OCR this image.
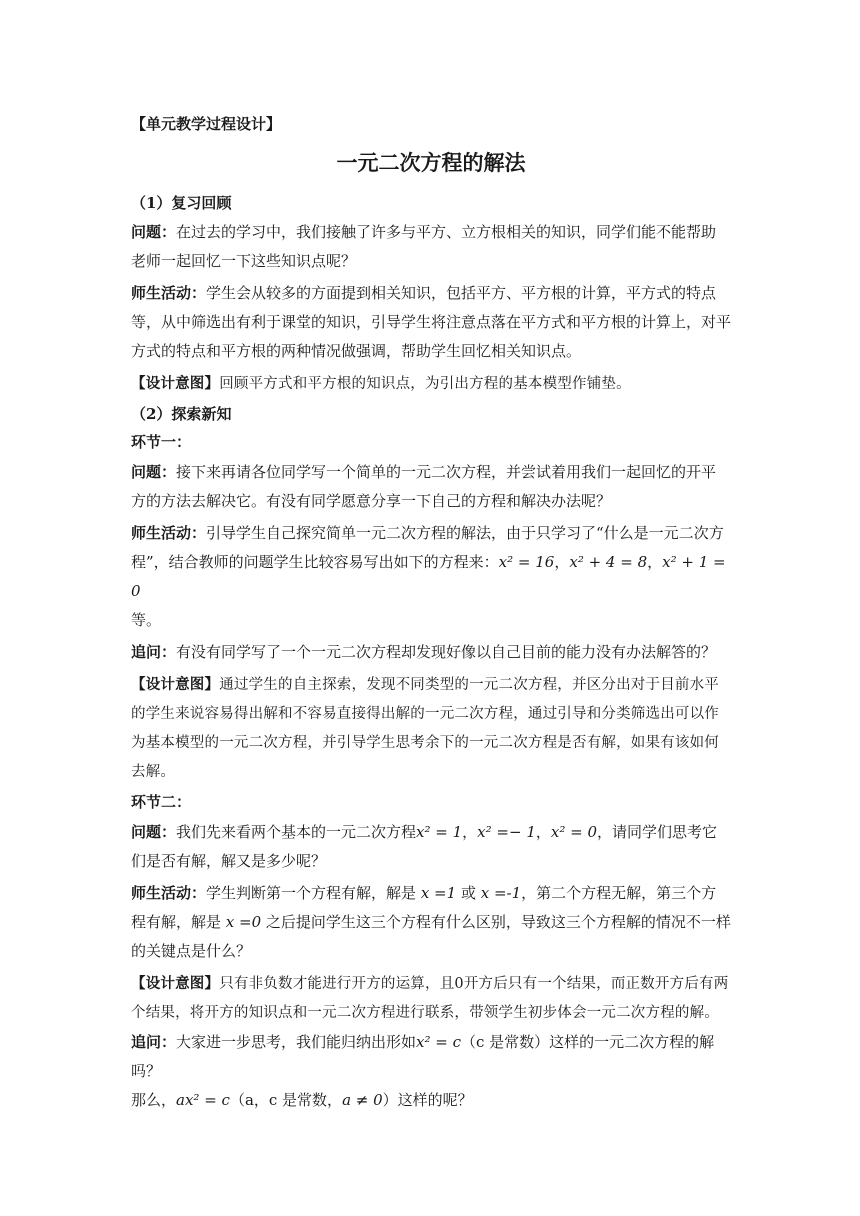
【单元教学过程设计】

一元二次方程的解法

（1）复习回顾

问题：在过去的学习中，我们接触了许多与平方、立方根相关的知识，同学们能不能帮助老师一起回忆一下这些知识点呢？

师生活动：学生会从较多的方面提到相关知识，包括平方、平方根的计算，平方式的特点等，从中筛选出有利于课堂的知识，引导学生将注意点落在平方式和平方根的计算上，对平方式的特点和平方根的两种情况做强调，帮助学生回忆相关知识点。

【设计意图】回顾平方式和平方根的知识点，为引出方程的基本模型作铺垫。

（2）探索新知

环节一：

问题：接下来再请各位同学写一个简单的一元二次方程，并尝试着用我们一起回忆的开平方的方法去解决它。有没有同学愿意分享一下自己的方程和解决办法呢？

师生活动：引导学生自己探究简单一元二次方程的解法，由于只学习了“什么是一元二次方程”，结合教师的问题学生比较容易写出如下的方程来：x² = 16，x² + 4 = 8，x² + 1 = 0
等。

追问：有没有同学写了一个一元二次方程却发现好像以自己目前的能力没有办法解答的？

【设计意图】通过学生的自主探索，发现不同类型的一元二次方程，并区分出对于目前水平的学生来说容易得出解和不容易直接得出解的一元二次方程，通过引导和分类筛选出可以作为基本模型的一元二次方程，并引导学生思考余下的一元二次方程是否有解，如果有该如何去解。

环节二：

问题：我们先来看两个基本的一元二次方程x² = 1，x² =− 1，x² = 0，请同学们思考它们是否有解，解又是多少呢？

师生活动：学生判断第一个方程有解，解是 x =1 或 x =-1，第二个方程无解，第三个方程有解，解是 x =0 之后提问学生这三个方程有什么区别，导致这三个方程解的情况不一样的关键点是什么？

【设计意图】只有非负数才能进行开方的运算，且0开方后只有一个结果，而正数开方后有两个结果，将开方的知识点和一元二次方程进行联系，带领学生初步体会一元二次方程的解。

追问：大家进一步思考，我们能归纳出形如x² = c（c 是常数）这样的一元二次方程的解吗？
那么，ax² = c（a，c 是常数，a ≠ 0）这样的呢？
